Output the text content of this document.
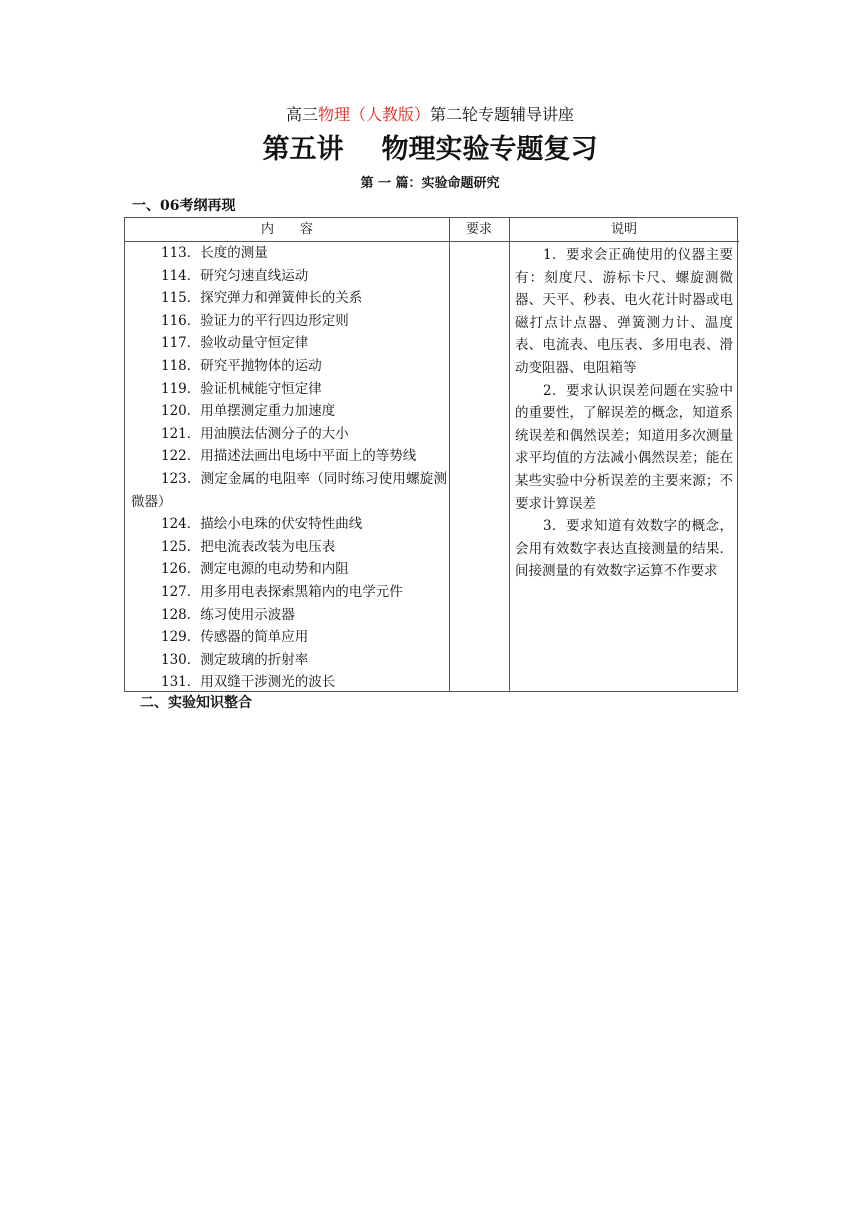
高三物理（人教版）第二轮专题辅导讲座
第五讲 物理实验专题复习
第 一 篇：实验命题研究
一、06考纲再现
内　　容	要求	说明
113．长度的测量
114．研究匀速直线运动
115．探究弹力和弹簧伸长的关系
116．验证力的平行四边形定则
117．验收动量守恒定律
118．研究平抛物体的运动
119．验证机械能守恒定律
120．用单摆测定重力加速度
121．用油膜法估测分子的大小
122．用描述法画出电场中平面上的等势线
123．测定金属的电阻率（同时练习使用螺旋测微器）
124．描绘小电珠的伏安特性曲线
125．把电流表改装为电压表
126．测定电源的电动势和内阻
127．用多用电表探索黑箱内的电学元件
128．练习使用示波器
129．传感器的简单应用
130．测定玻璃的折射率
131．用双缝干涉测光的波长

1．要求会正确使用的仪器主要有：刻度尺、游标卡尺、螺旋测微器、天平、秒表、电火花计时器或电磁打点计点器、弹簧测力计、温度表、电流表、电压表、多用电表、滑动变阻器、电阻箱等

2．要求认识误差问题在实验中的重要性，了解误差的概念，知道系统误差和偶然误差；知道用多次测量求平均值的方法减小偶然误差；能在某些实验中分析误差的主要来源；不要求计算误差

3．要求知道有效数字的概念，会用有效数字表达直接测量的结果．间接测量的有效数字运算不作要求

二、实验知识整合
